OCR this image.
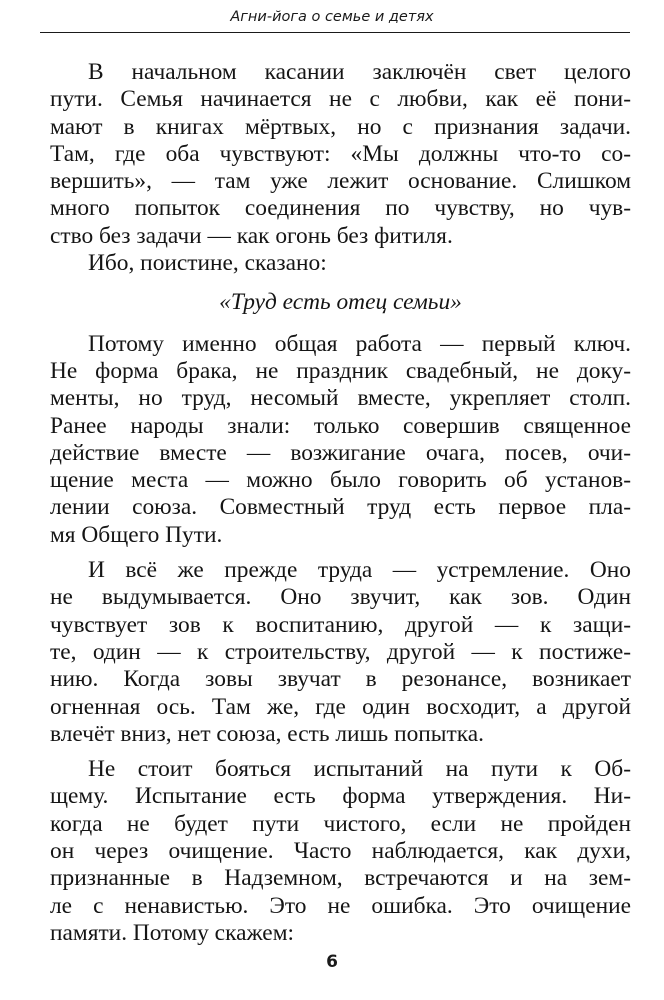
Агни-йога о семье и детях
В начальном касании заключён свет целого
пути. Семья начинается не с любви, как её пони-
мают в книгах мёртвых, но с признания задачи.
Там, где оба чувствуют: «Мы должны что-то со-
вершить», — там уже лежит основание. Слишком
много попыток соединения по чувству, но чув-
ство без задачи — как огонь без фитиля.
Ибо, поистине, сказано:
«Труд есть отец семьи»
Потому именно общая работа — первый ключ.
Не форма брака, не праздник свадебный, не доку-
менты, но труд, несомый вместе, укрепляет столп.
Ранее народы знали: только совершив священное
действие вместе — возжигание очага, посев, очи-
щение места — можно было говорить об установ-
лении союза. Совместный труд есть первое пла-
мя Общего Пути.
И всё же прежде труда — устремление. Оно
не выдумывается. Оно звучит, как зов. Один
чувствует зов к воспитанию, другой — к защи-
те, один — к строительству, другой — к постиже-
нию. Когда зовы звучат в резонансе, возникает
огненная ось. Там же, где один восходит, а другой
влечёт вниз, нет союза, есть лишь попытка.
Не стоит бояться испытаний на пути к Об-
щему. Испытание есть форма утверждения. Ни-
когда не будет пути чистого, если не пройден
он через очищение. Часто наблюдается, как духи,
признанные в Надземном, встречаются и на зем-
ле с ненавистью. Это не ошибка. Это очищение
памяти. Потому скажем:
6
